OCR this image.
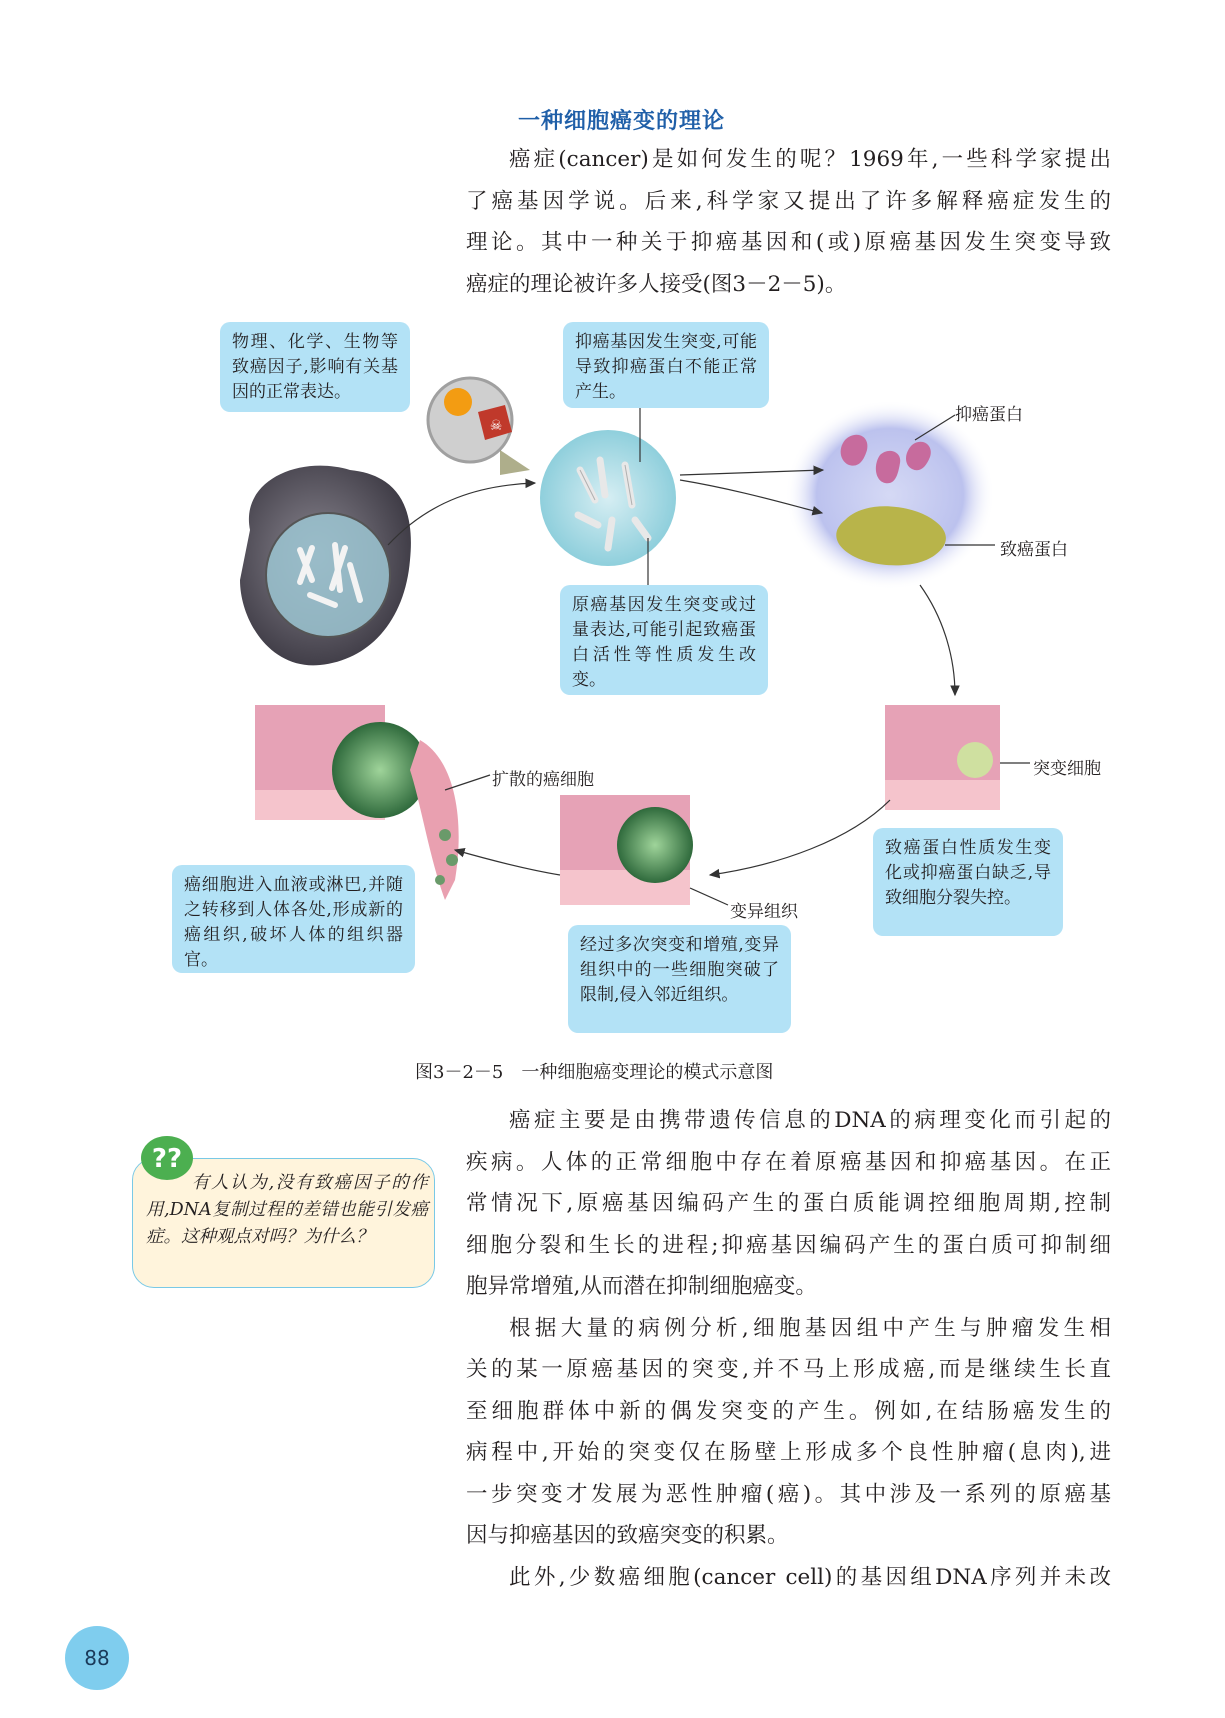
一种细胞癌变的理论
癌症(cancer)是如何发生的呢？1969年,一些科学家提出
了癌基因学说。后来,科学家又提出了许多解释癌症发生的
理论。其中一种关于抑癌基因和(或)原癌基因发生突变导致
癌症的理论被许多人接受(图3－2－5)。
☠
物理、化学、生物等致癌因子,影响有关基因的正常表达。
抑癌基因发生突变,可能导致抑癌蛋白不能正常产生。
原癌基因发生突变或过量表达,可能引起致癌蛋白活性等性质发生改变。
致癌蛋白性质发生变化或抑癌蛋白缺乏,导致细胞分裂失控。
经过多次突变和增殖,变异组织中的一些细胞突破了限制,侵入邻近组织。
癌细胞进入血液或淋巴,并随之转移到人体各处,形成新的癌组织,破坏人体的组织器官。
抑癌蛋白
致癌蛋白
突变细胞
变异组织
扩散的癌细胞
图3－2－5　一种细胞癌变理论的模式示意图
??
有人认为,没有致癌因子的作用,DNA复制过程的差错也能引发癌症。这种观点对吗？为什么？
癌症主要是由携带遗传信息的DNA的病理变化而引起的
疾病。人体的正常细胞中存在着原癌基因和抑癌基因。在正
常情况下,原癌基因编码产生的蛋白质能调控细胞周期,控制
细胞分裂和生长的进程;抑癌基因编码产生的蛋白质可抑制细
胞异常增殖,从而潜在抑制细胞癌变。
根据大量的病例分析,细胞基因组中产生与肿瘤发生相
关的某一原癌基因的突变,并不马上形成癌,而是继续生长直
至细胞群体中新的偶发突变的产生。例如,在结肠癌发生的
病程中,开始的突变仅在肠壁上形成多个良性肿瘤(息肉),进
一步突变才发展为恶性肿瘤(癌)。其中涉及一系列的原癌基
因与抑癌基因的致癌突变的积累。
此外,少数癌细胞(cancer cell)的基因组DNA序列并未改
88
